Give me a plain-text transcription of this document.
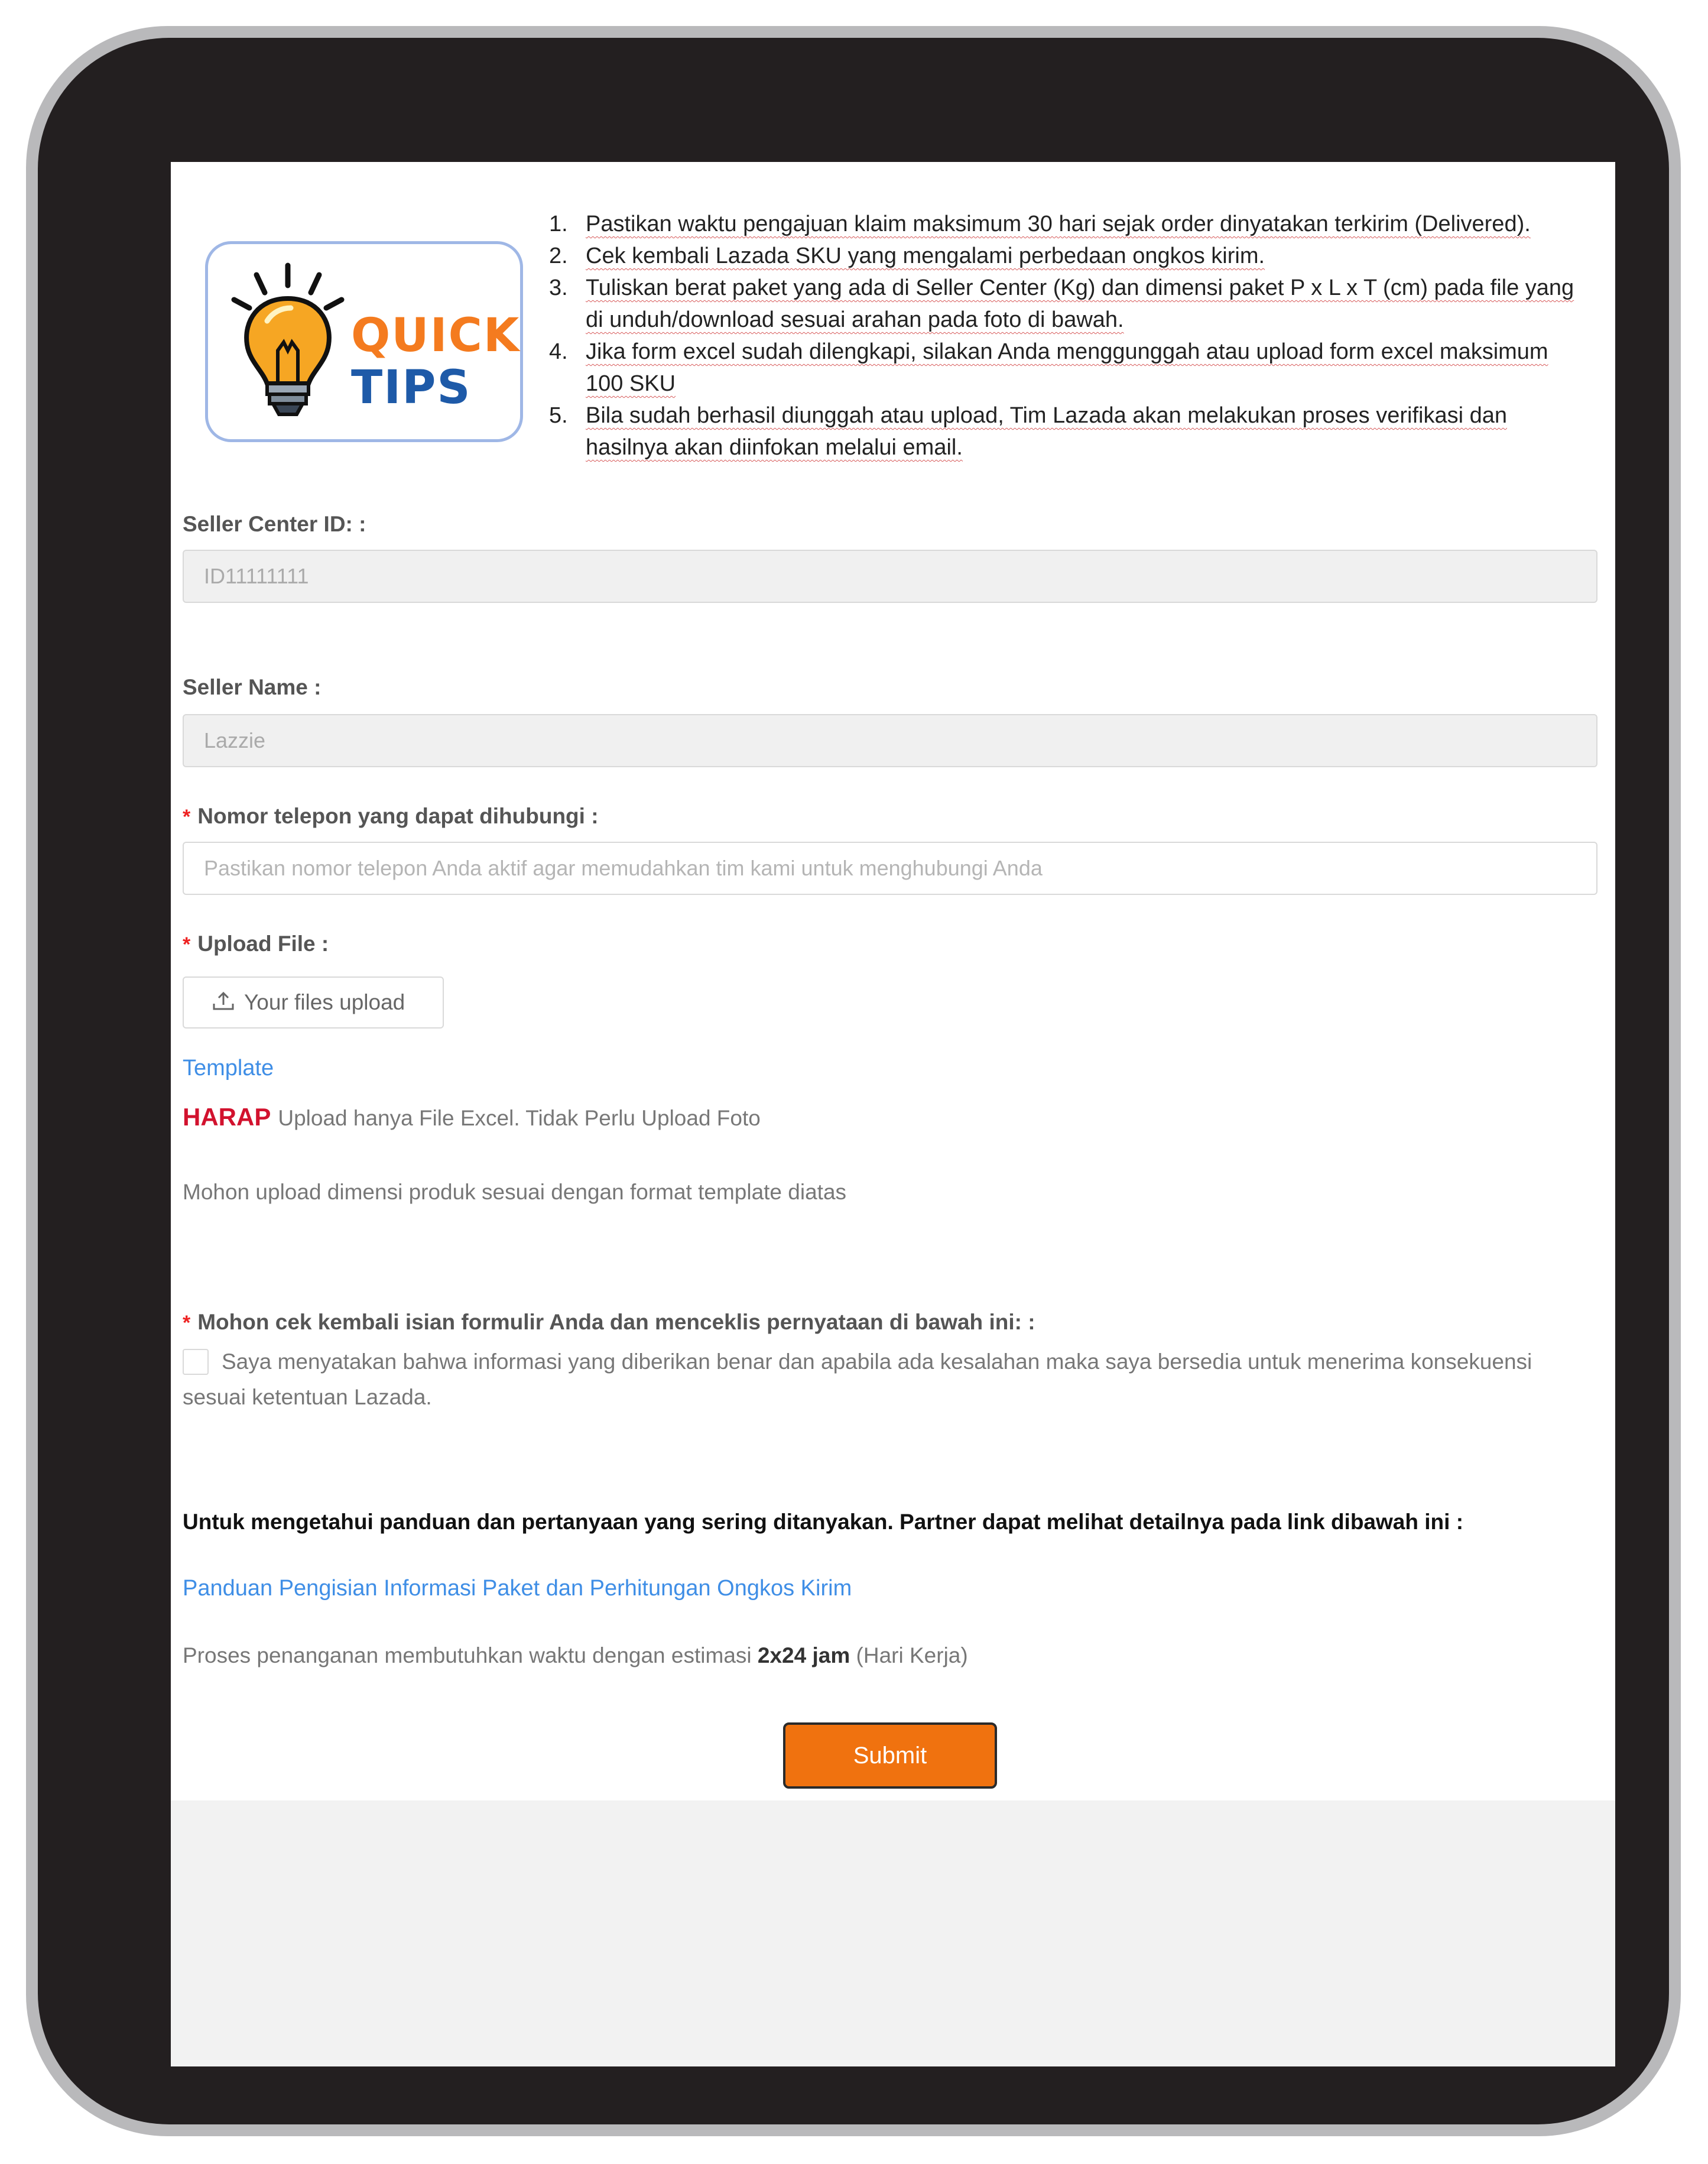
QUICK
TIPS
1. Pastikan waktu pengajuan klaim maksimum 30 hari sejak order dinyatakan terkirim (Delivered).
2. Cek kembali Lazada SKU yang mengalami perbedaan ongkos kirim.
3. Tuliskan berat paket yang ada di Seller Center (Kg) dan dimensi paket P x L x T (cm) pada file yang di unduh/download sesuai arahan pada foto di bawah.
4. Jika form excel sudah dilengkapi, silakan Anda menggunggah atau upload form excel maksimum 100 SKU
5. Bila sudah berhasil diunggah atau upload, Tim Lazada akan melakukan proses verifikasi dan hasilnya akan diinfokan melalui email.
Seller Center ID: :
ID11111111
Seller Name :
Lazzie
* Nomor telepon yang dapat dihubungi :
Pastikan nomor telepon Anda aktif agar memudahkan tim kami untuk menghubungi Anda
* Upload File :
Your files upload
Template
HARAP Upload hanya File Excel. Tidak Perlu Upload Foto
Mohon upload dimensi produk sesuai dengan format template diatas
* Mohon cek kembali isian formulir Anda dan menceklis pernyataan di bawah ini: :
Saya menyatakan bahwa informasi yang diberikan benar dan apabila ada kesalahan maka saya bersedia untuk menerima konsekuensi sesuai ketentuan Lazada.
Untuk mengetahui panduan dan pertanyaan yang sering ditanyakan. Partner dapat melihat detailnya pada link dibawah ini :
Panduan Pengisian Informasi Paket dan Perhitungan Ongkos Kirim
Proses penanganan membutuhkan waktu dengan estimasi 2x24 jam (Hari Kerja)
Submit
